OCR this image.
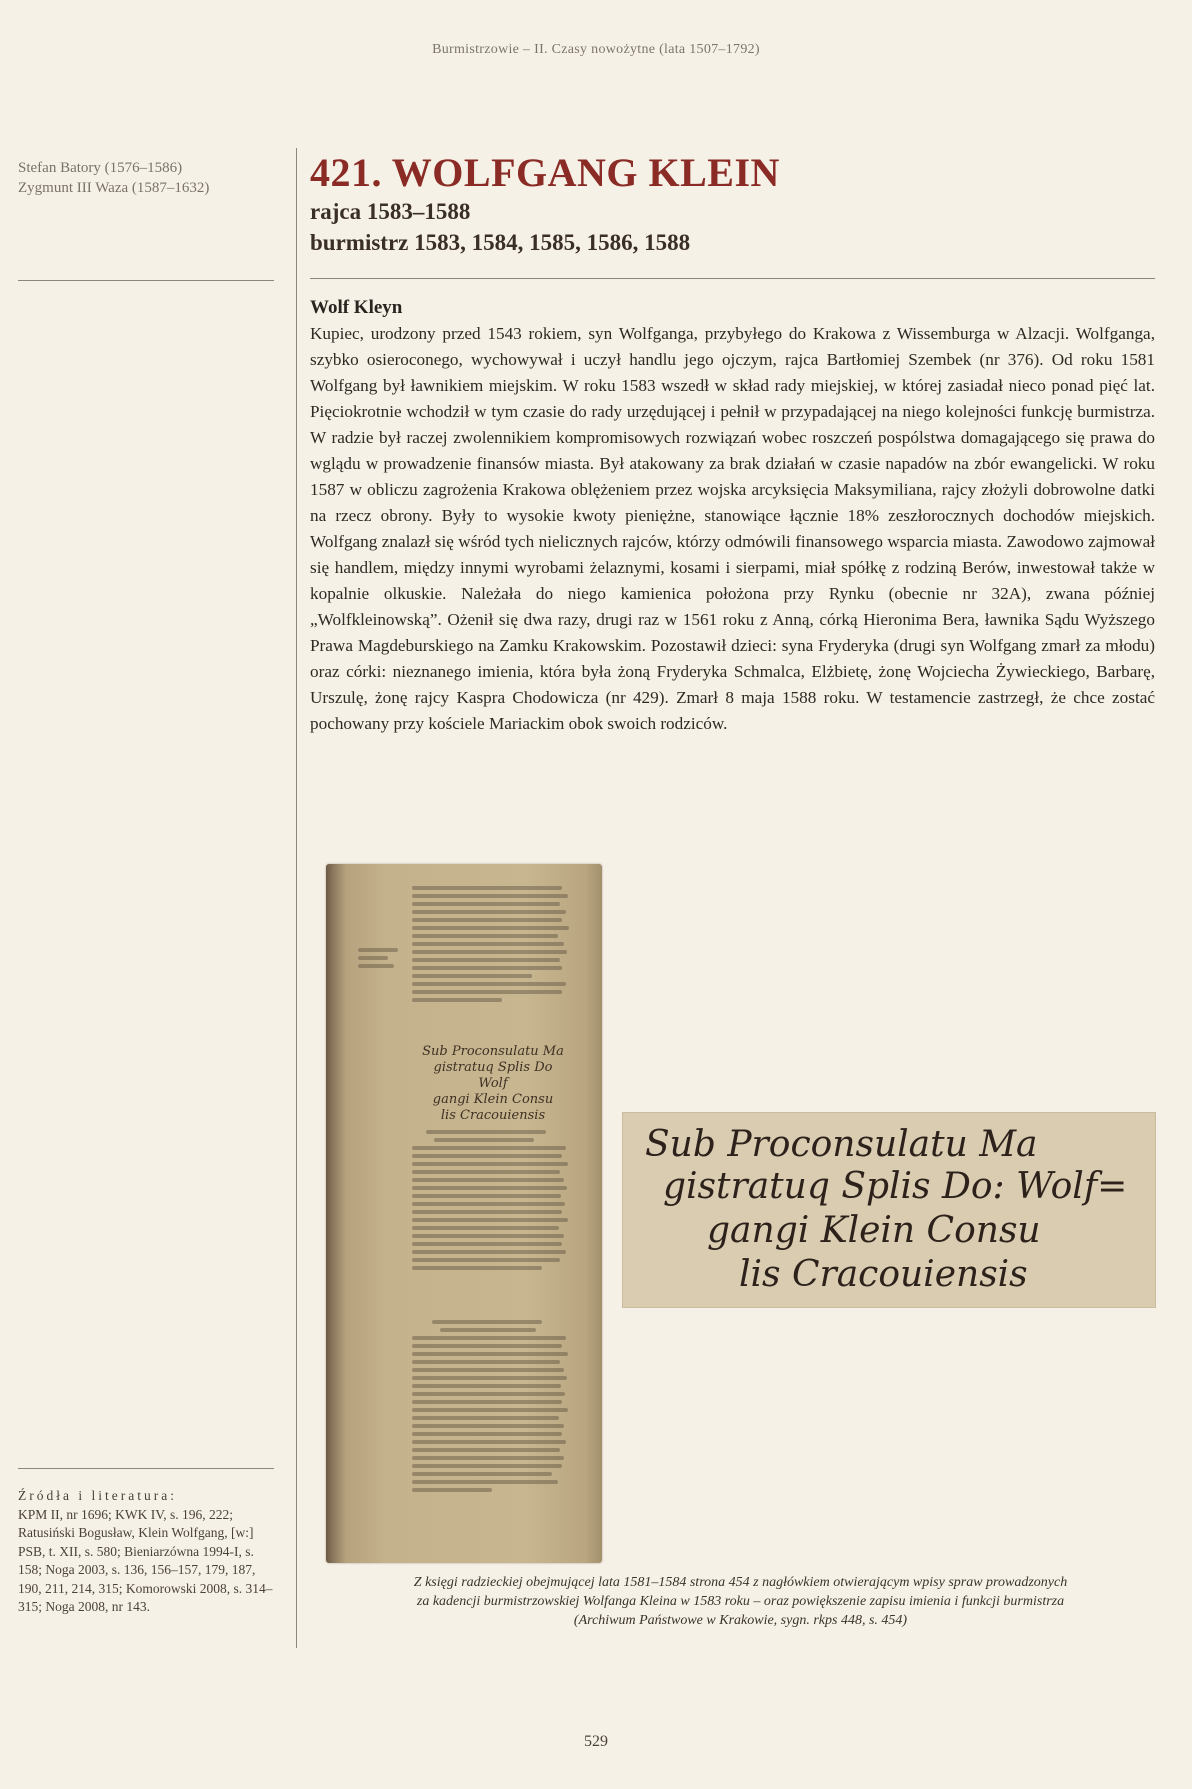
Burmistrzowie – II. Czasy nowożytne (lata 1507–1792)
Stefan Batory (1576–1586)
Zygmunt III Waza (1587–1632)	421. WOLFGANG KLEIN
rajca 1583–1588
burmistrz 1583, 1584, 1585, 1586, 1588
Wolf Kleyn

Kupiec, urodzony przed 1543 rokiem, syn Wolfganga, przybyłego do Krakowa z Wissemburga w Alzacji. Wolfganga, szybko osieroconego, wychowywał i uczył handlu jego ojczym, rajca Bartłomiej Szembek (nr 376). Od roku 1581 Wolfgang był ławnikiem miejskim. W roku 1583 wszedł w skład rady miejskiej, w której zasiadał nieco ponad pięć lat. Pięciokrotnie wchodził w tym czasie do rady urzędującej i pełnił w przypadającej na niego kolejności funkcję burmistrza. W radzie był raczej zwolennikiem kompromisowych rozwiązań wobec roszczeń pospólstwa domagającego się prawa do wglądu w prowadzenie finansów miasta. Był atakowany za brak działań w czasie napadów na zbór ewangelicki. W roku 1587 w obliczu zagrożenia Krakowa oblężeniem przez wojska arcyksięcia Maksymiliana, rajcy złożyli dobrowolne datki na rzecz obrony. Były to wysokie kwoty pieniężne, stanowiące łącznie 18% zeszłorocznych dochodów miejskich. Wolfgang znalazł się wśród tych nielicznych rajców, którzy odmówili finansowego wsparcia miasta. Zawodowo zajmował się handlem, między innymi wyrobami żelaznymi, kosami i sierpami, miał spółkę z rodziną Berów, inwestował także w kopalnie olkuskie. Należała do niego kamienica położona przy Rynku (obecnie nr 32A), zwana później „Wolfkleinowską”. Ożenił się dwa razy, drugi raz w 1561 roku z Anną, córką Hieronima Bera, ławnika Sądu Wyższego Prawa Magdeburskiego na Zamku Krakowskim. Pozostawił dzieci: syna Fryderyka (drugi syn Wolfgang zmarł za młodu) oraz córki: nieznanego imienia, która była żoną Fryderyka Schmalca, Elżbietę, żonę Wojciecha Żywieckiego, Barbarę, Urszulę, żonę rajcy Kaspra Chodowicza (nr 429). Zmarł 8 maja 1588 roku. W testamencie zastrzegł, że chce zostać pochowany przy kościele Mariackim obok swoich rodziców.

Sub Proconsulatu Ma
gistratuq Splis Do Wolf
gangi Klein Consu
lis Cracouiensis
Sub Proconsulatu Ma
gistratuq Splis Do: Wolf=
gangi Klein Consu
lis Cracouiensis
Źródła i literatura:
KPM II, nr 1696; KWK IV, s. 196, 222; Ratusiński Bogusław, Klein Wolfgang, [w:] PSB, t. XII, s. 580; Bieniarzówna 1994-I, s. 158; Noga 2003, s. 136, 156–157, 179, 187, 190, 211, 214, 315; Komorowski 2008, s. 314–315; Noga 2008, nr 143.
Z księgi radzieckiej obejmującej lata 1581–1584 strona 454 z nagłówkiem otwierającym wpisy spraw prowadzonych
za kadencji burmistrzowskiej Wolfanga Kleina w 1583 roku – oraz powiększenie zapisu imienia i funkcji burmistrza
(Archiwum Państwowe w Krakowie, sygn. rkps 448, s. 454)
529
